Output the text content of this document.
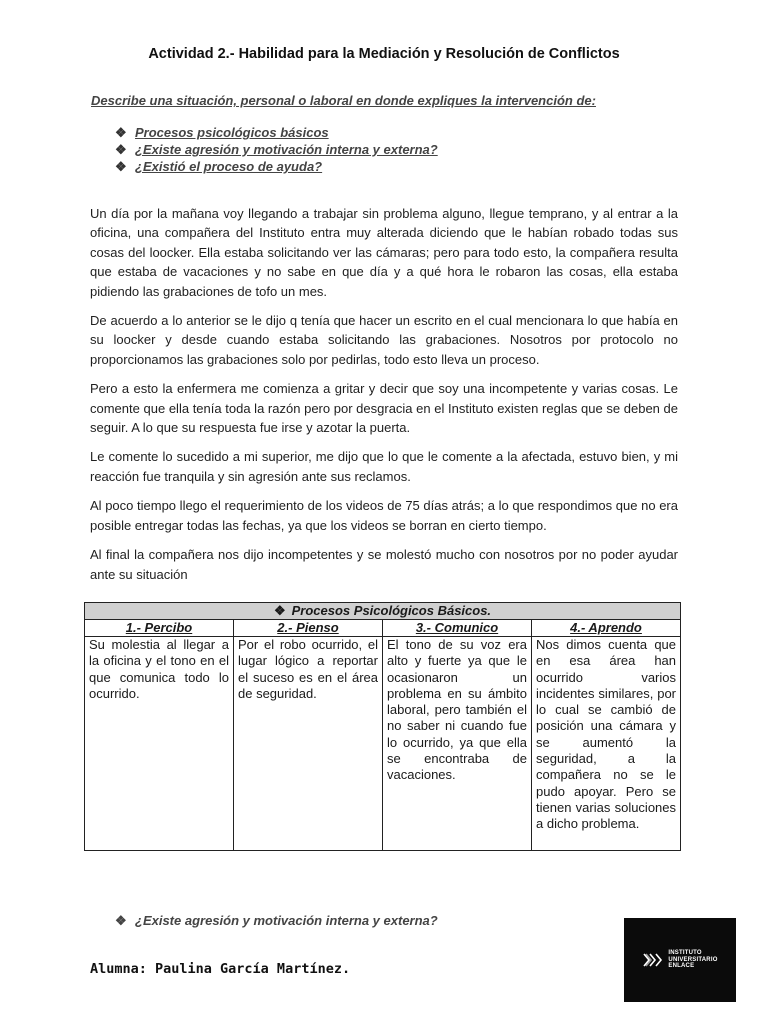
Actividad 2.- Habilidad para la Mediación y Resolución de Conflictos
Describe una situación, personal o laboral en donde expliques la intervención de:
❖ Procesos psicológicos básicos
❖ ¿Existe agresión y motivación interna y externa?
❖ ¿Existió el proceso de ayuda?

Un día por la mañana voy llegando a trabajar sin problema alguno, llegue temprano, y al entrar a la oficina, una compañera del Instituto entra muy alterada diciendo que le habían robado todas sus cosas del loocker. Ella estaba solicitando ver las cámaras; pero para todo esto, la compañera resulta que estaba de vacaciones y no sabe en que día y a qué hora le robaron las cosas, ella estaba pidiendo las grabaciones de tofo un mes.

De acuerdo a lo anterior se le dijo q tenía que hacer un escrito en el cual mencionara lo que había en su loocker y desde cuando estaba solicitando las grabaciones. Nosotros por protocolo no proporcionamos las grabaciones solo por pedirlas, todo esto lleva un proceso.

Pero a esto la enfermera me comienza a gritar y decir que soy una incompetente y varias cosas. Le comente que ella tenía toda la razón pero por desgracia en el Instituto existen reglas que se deben de seguir. A lo que su respuesta fue irse y azotar la puerta.

Le comente lo sucedido a mi superior, me dijo que lo que le comente a la afectada, estuvo bien, y mi reacción fue tranquila y sin agresión ante sus reclamos.

Al poco tiempo llego el requerimiento de los videos de 75 días atrás; a lo que respondimos que no era posible entregar todas las fechas, ya que los videos se borran en cierto tiempo.

Al final la compañera nos dijo incompetentes y se molestó mucho con nosotros por no poder ayudar ante su situación

❖ Procesos Psicológicos Básicos.			
1.- Percibo	2.- Pienso	3.- Comunico	4.- Aprendo
Su molestia al llegar a la oficina y el tono en el que comunica todo lo ocurrido.	Por el robo ocurrido, el lugar lógico a reportar el suceso es en el área de seguridad.	El tono de su voz era alto y fuerte ya que le ocasionaron un problema en su ámbito laboral, pero también el no saber ni cuando fue lo ocurrido, ya que ella se encontraba de vacaciones.	Nos dimos cuenta que en esa área han ocurrido varios incidentes similares, por lo cual se cambió de posición una cámara y se aumentó la seguridad, a la compañera no se le pudo apoyar. Pero se tienen varias soluciones a dicho problema.
❖ ¿Existe agresión y motivación interna y externa?
Alumna: Paulina García Martínez.
INSTITUTO
UNIVERSITARIO
ENLACE
